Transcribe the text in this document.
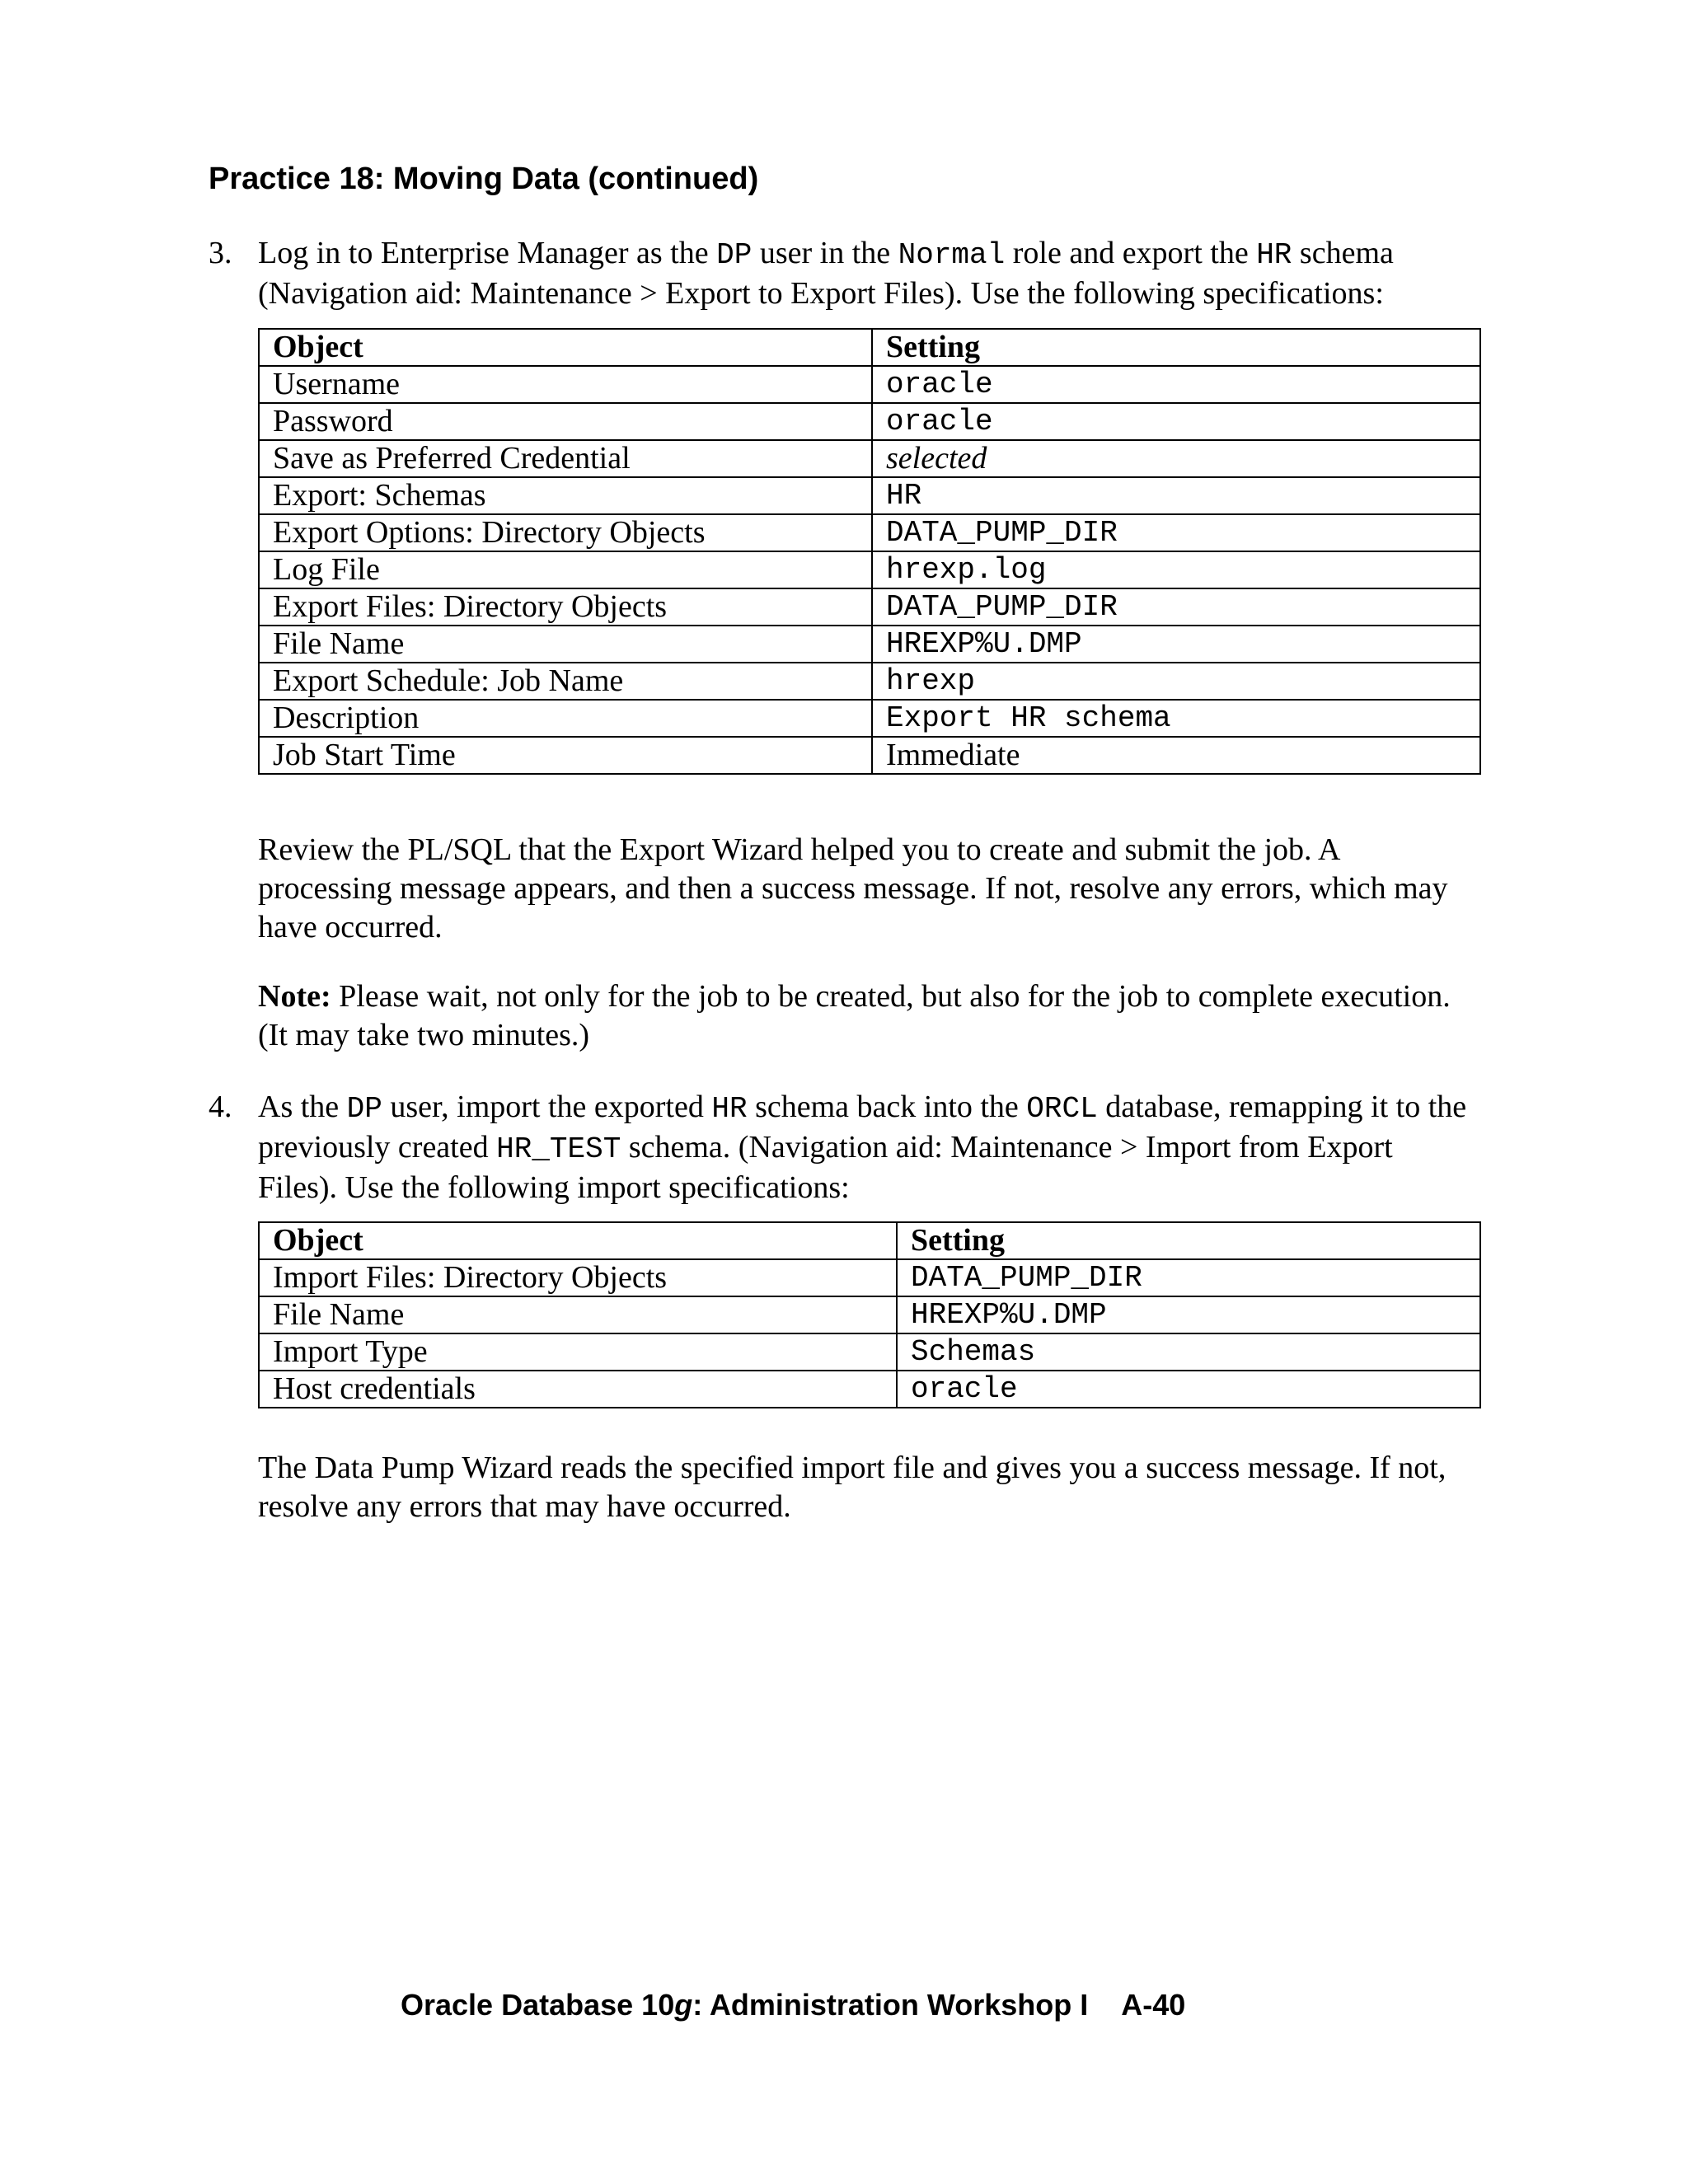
Practice 18: Moving Data (continued)
3. Log in to Enterprise Manager as the DP user in the Normal role and export the HR schema (Navigation aid: Maintenance > Export to Export Files). Use the following specifications:
Object	Setting
Username	oracle
Password	oracle
Save as Preferred Credential	selected
Export: Schemas	HR
Export Options: Directory Objects	DATA_PUMP_DIR
Log File	hrexp.log
Export Files: Directory Objects	DATA_PUMP_DIR
File Name	HREXP%U.DMP
Export Schedule: Job Name	hrexp
Description	Export HR schema
Job Start Time	Immediate
Review the PL/SQL that the Export Wizard helped you to create and submit the job. A processing message appears, and then a success message. If not, resolve any errors, which may have occurred.
Note: Please wait, not only for the job to be created, but also for the job to complete execution. (It may take two minutes.)
4. As the DP user, import the exported HR schema back into the ORCL database, remapping it to the previously created HR_TEST schema. (Navigation aid: Maintenance > Import from Export Files). Use the following import specifications:
Object	Setting
Import Files: Directory Objects	DATA_PUMP_DIR
File Name	HREXP%U.DMP
Import Type	Schemas
Host credentials	oracle
The Data Pump Wizard reads the specified import file and gives you a success message. If not, resolve any errors that may have occurred.
Oracle Database 10g: Administration Workshop I A-40
